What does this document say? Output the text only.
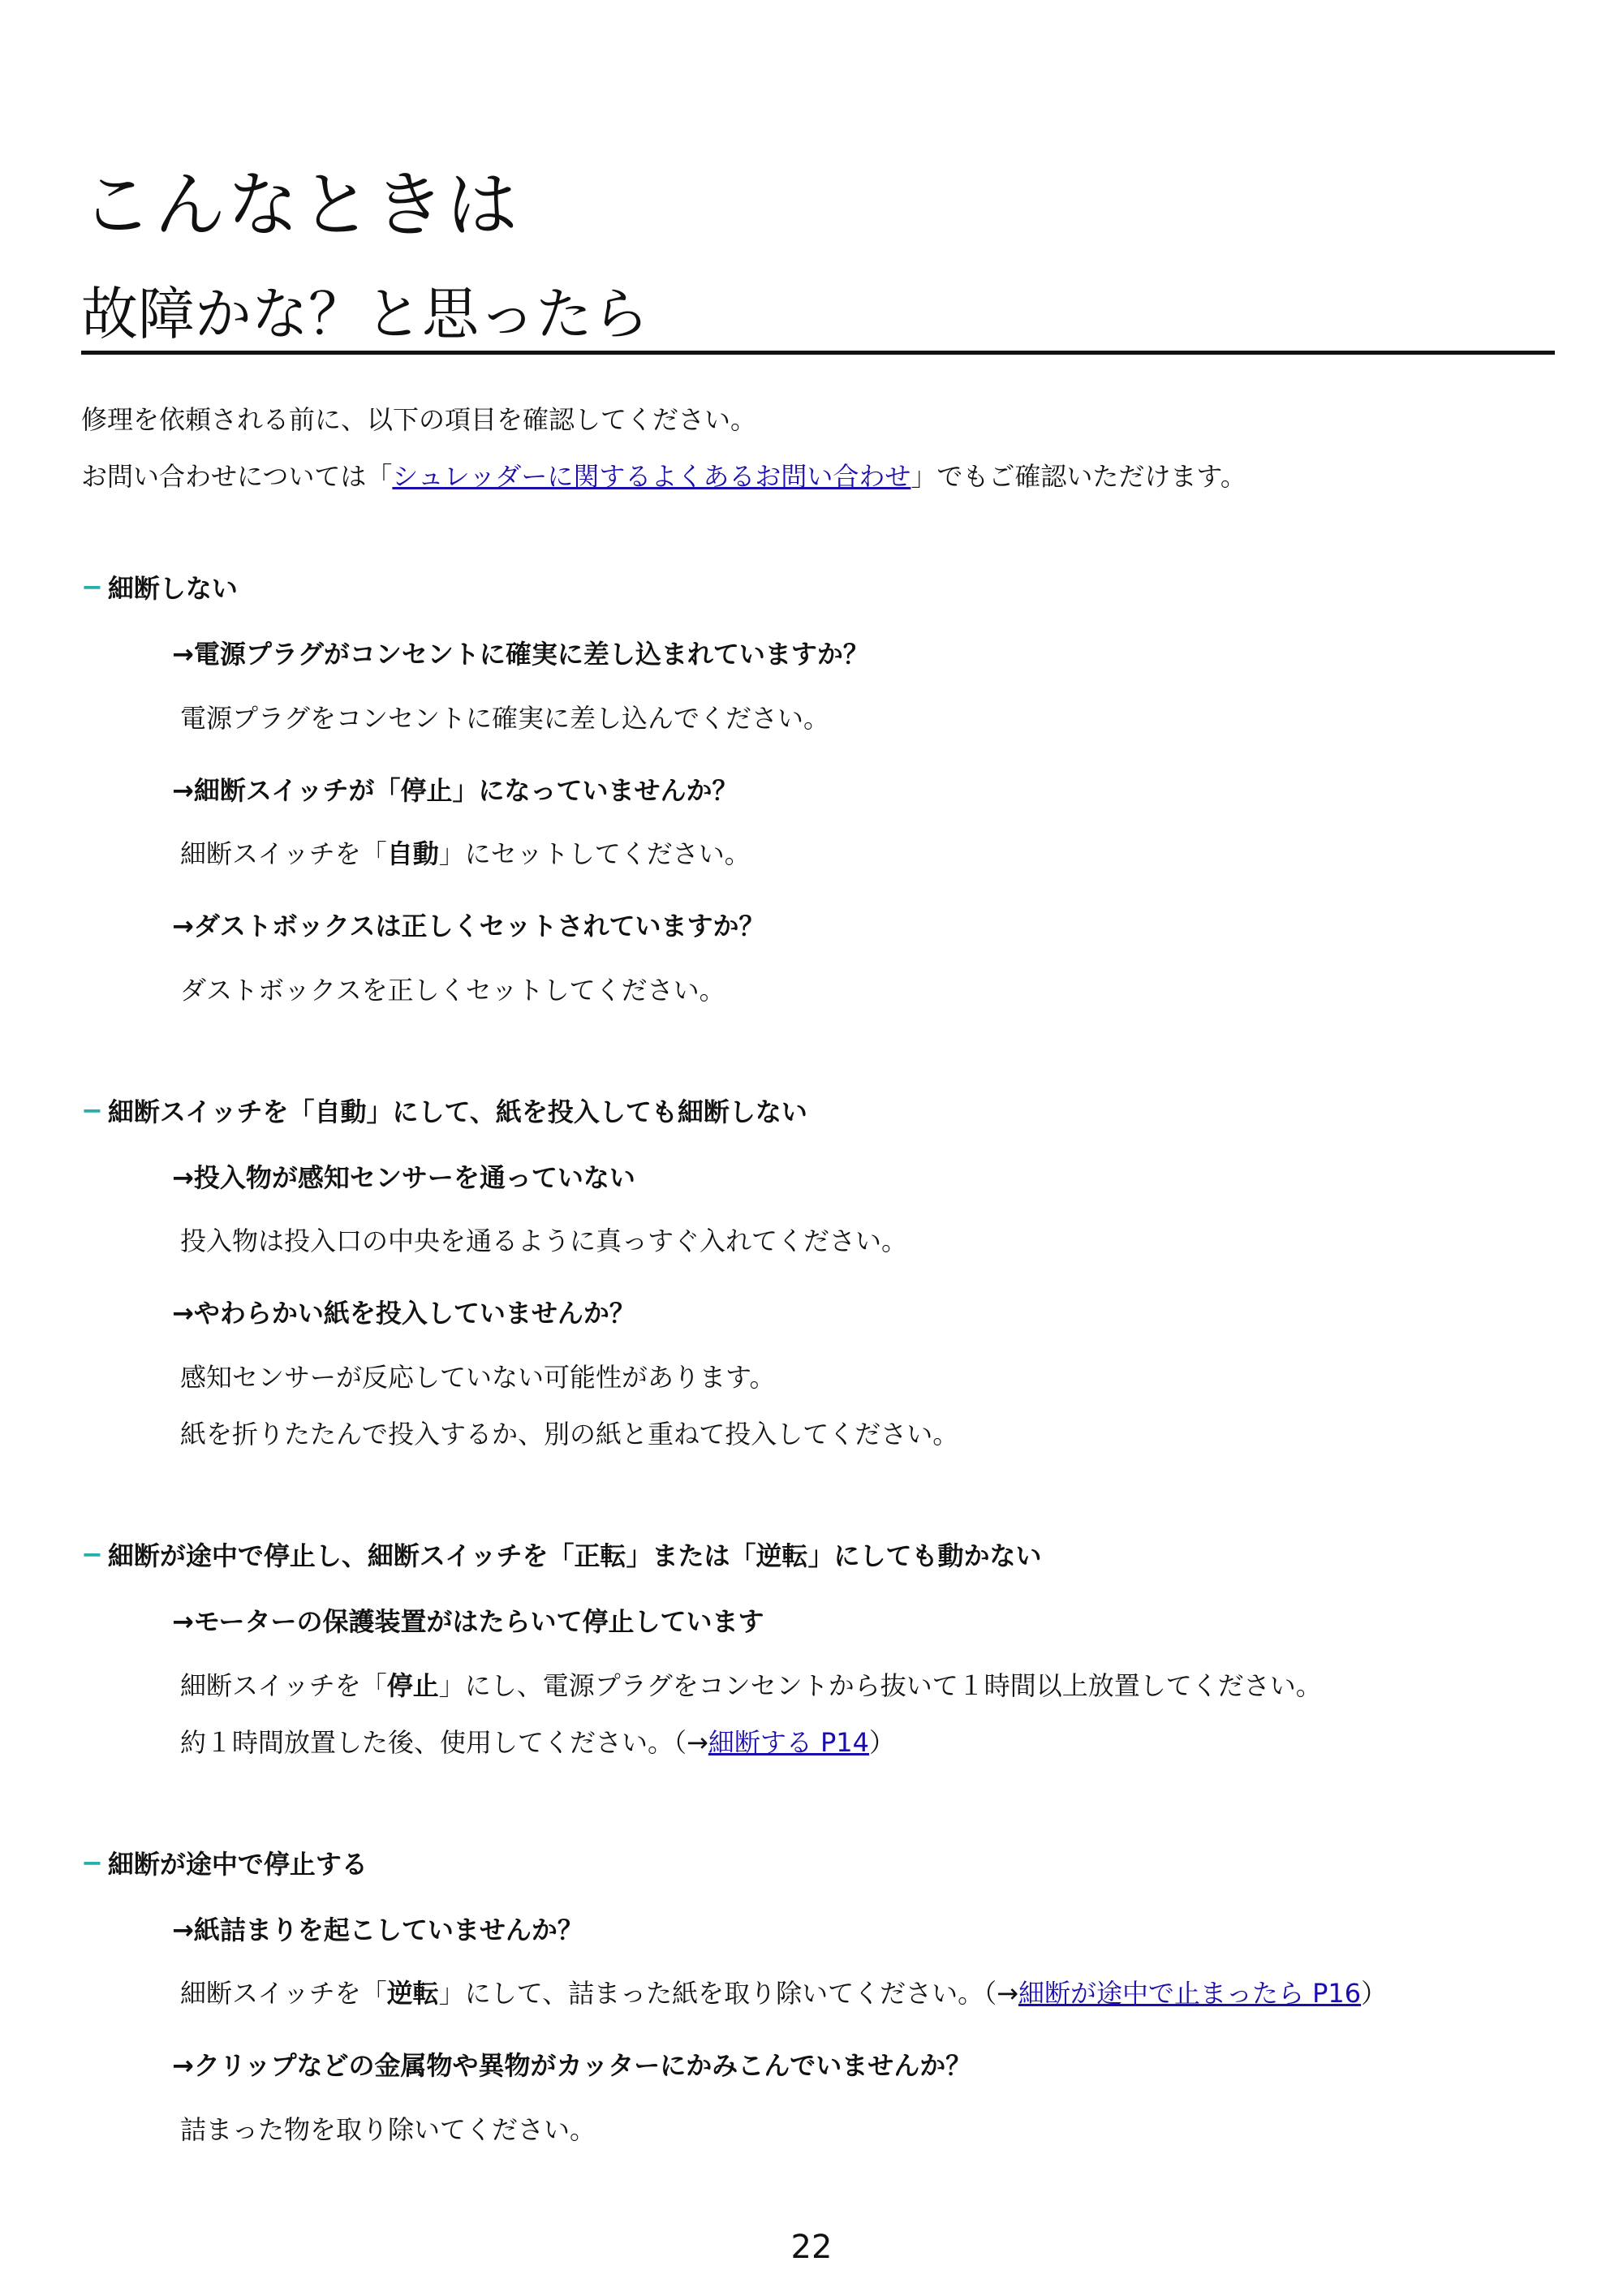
こんなときは
故障かな？と思ったら

修理を依頼される前に、以下の項目を確認してください。

お問い合わせについては「シュレッダーに関するよくあるお問い合わせ」でもご確認いただけます。

− 細断しない

→電源プラグがコンセントに確実に差し込まれていますか？

電源プラグをコンセントに確実に差し込んでください。

→細断スイッチが「停止」になっていませんか？

細断スイッチを「自動」にセットしてください。

→ダストボックスは正しくセットされていますか？

ダストボックスを正しくセットしてください。

− 細断スイッチを「自動」にして、紙を投入しても細断しない

→投入物が感知センサーを通っていない

投入物は投入口の中央を通るように真っすぐ入れてください。

→やわらかい紙を投入していませんか？

感知センサーが反応していない可能性があります。

紙を折りたたんで投入するか、別の紙と重ねて投入してください。

− 細断が途中で停止し、細断スイッチを「正転」または「逆転」にしても動かない

→モーターの保護装置がはたらいて停止しています

細断スイッチを「停止」にし、電源プラグをコンセントから抜いて１時間以上放置してください。

約１時間放置した後、使用してください。（→細断する P14）

− 細断が途中で停止する

→紙詰まりを起こしていませんか？

細断スイッチを「逆転」にして、詰まった紙を取り除いてください。（→細断が途中で止まったら P16）

→クリップなどの金属物や異物がカッターにかみこんでいませんか？

詰まった物を取り除いてください。

22
